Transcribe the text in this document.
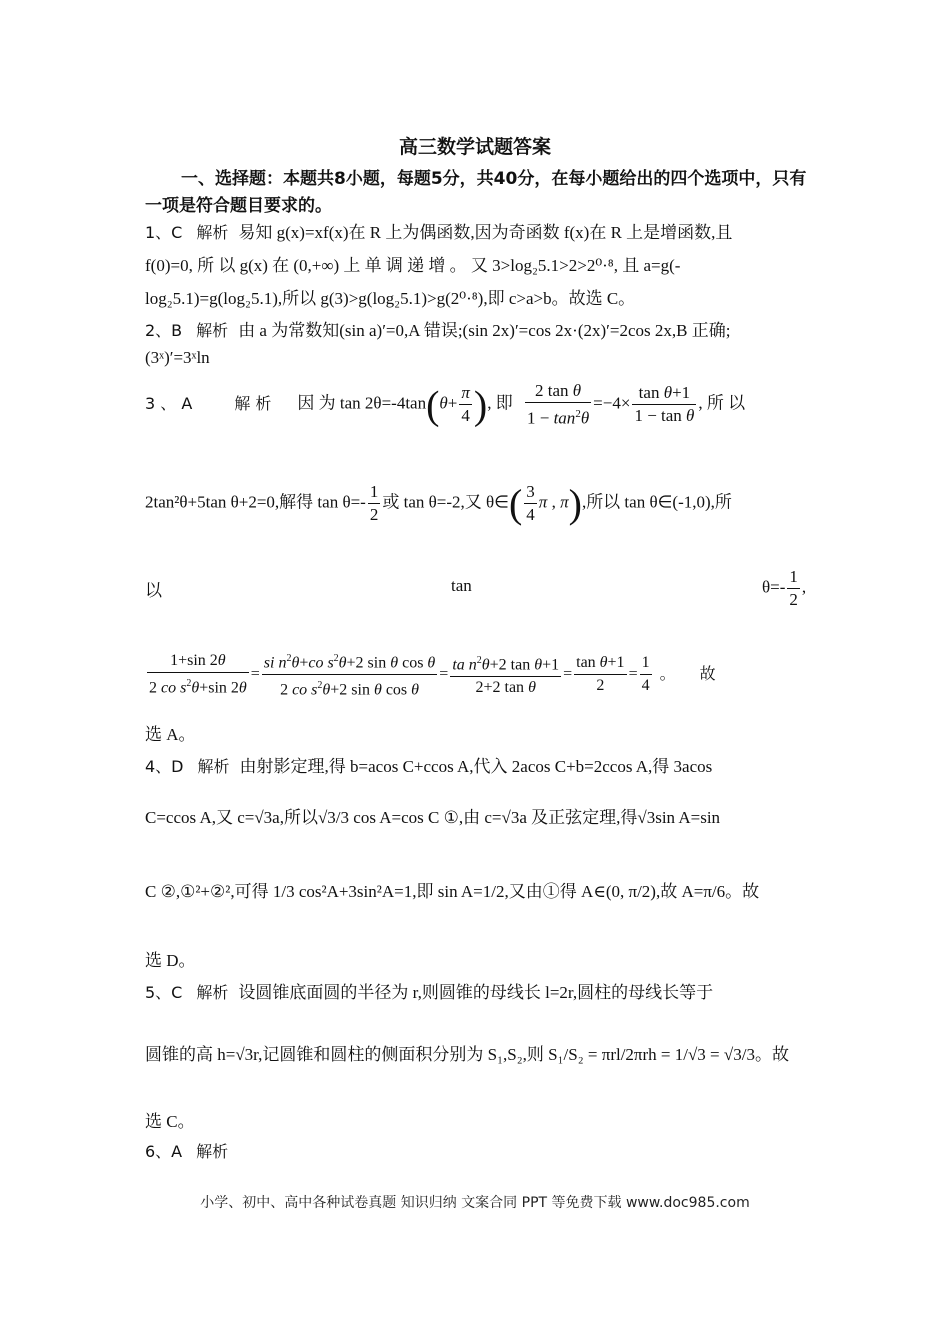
高三数学试题答案
一、选择题：本题共8小题，每题5分，共40分，在每小题给出的四个选项中，只有一项是符合题目要求的。
1、C 解析 易知 g(x)=xf(x)在 R 上为偶函数,因为奇函数 f(x)在 R 上是增函数,且
f(0)=0, 所 以 g(x) 在 (0,+∞) 上 单 调 递 增 。 又 3>log₂5.1>2>2⁰·⁸, 且 a=g(-
log₂5.1)=g(log₂5.1),所以 g(3)>g(log₂5.1)>g(2⁰·⁸),即 c>a>b。故选 C。
2、B 解析 由 a 为常数知(sin a)′=0,A 错误;(sin 2x)′=cos 2x·(2x)′=2cos 2x,B 正确;
(3ˣ)′=3ˣln
3 、 A	解 析 因 为 $\tan 2\theta=-4\tan(\theta+ \frac{\pi}{4}$ ), 即 $\frac{\text{2 tan θ}}{1 - \tan^2\theta} =-4\times \frac{\text{tan θ+1}}{\text{1 − tan θ}}$ , 所 以
2tan²θ+5tan θ+2=0,解得 $\tan \theta=- \frac{1}{2}$ 或 tan θ=-2,又 θ∈( $\frac{3}{4}$ π , π),所以 tan θ∈(-1,0),所
以	tan	$\theta=- \frac{1}{2}$ ,
$\frac{1+\sin 2\theta}{2 co s^2\theta+\sin 2\theta} = \frac{si n^2\theta+co s^2\theta+2 \sin \theta \cos \theta}{2 co s^2\theta+2 \sin \theta \cos \theta} = \frac{ta n^2\theta+2 \tan \theta+1}{\text{2+2 tan θ}} = \frac{\text{tan θ+1}}{2} = \frac{1}{4}$ 。 故
选 A。
4、D 解析 由射影定理,得 b=acos C+ccos A,代入 2acos C+b=2ccos A,得 3acos
C=ccos A,又 c=√3a,所以√3/3 cos A=cos C ①,由 c=√3a 及正弦定理,得√3sin A=sin
C ②,①²+②²,可得 1/3 cos²A+3sin²A=1,即 sin A=1/2,又由①得 A∈(0, π/2),故 A=π/6。故
选 D。
5、C 解析 设圆锥底面圆的半径为 r,则圆锥的母线长 l=2r,圆柱的母线长等于
圆锥的高 h=√3r,记圆锥和圆柱的侧面积分别为 S₁,S₂,则 S₁/S₂ = πrl/2πrh = 1/√3 = √3/3。故
选 C。
6、A 解析
小学、初中、高中各种试卷真题 知识归纳 文案合同 PPT 等免费下载 www.doc985.com
